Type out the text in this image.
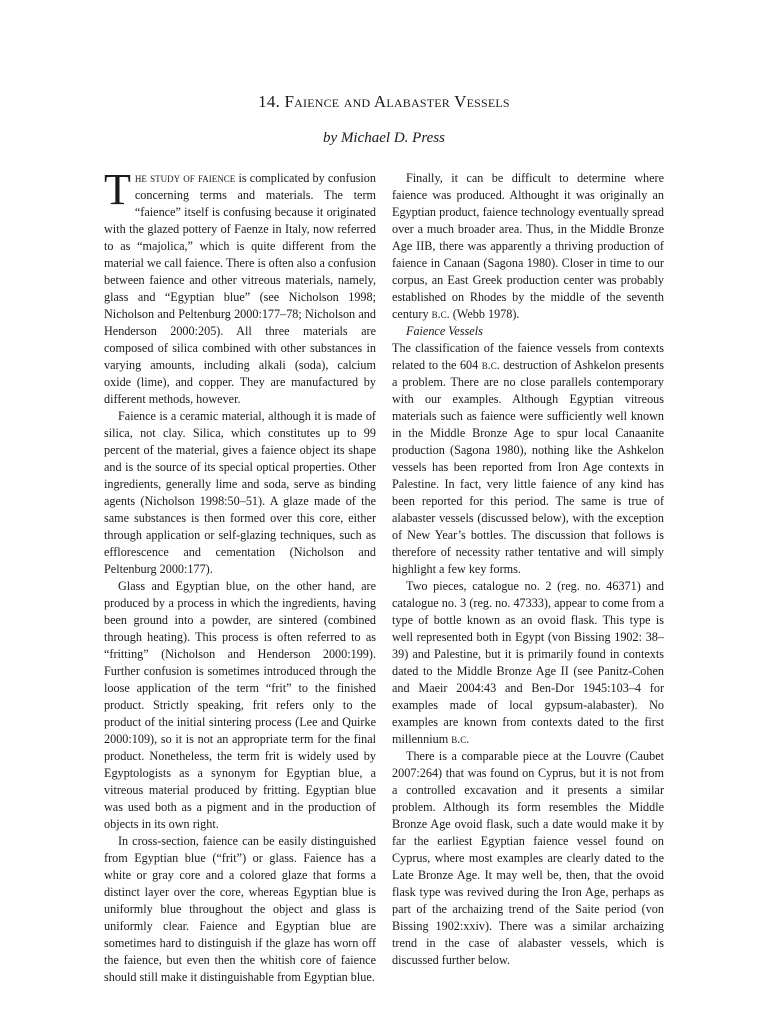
14. Faience and Alabaster Vessels
by Michael D. Press

The study of faience is complicated by confusion concerning terms and materials. The term “faience” itself is confusing because it originated with the glazed pottery of Faenze in Italy, now referred to as “majolica,” which is quite different from the material we call faience. There is often also a confusion between faience and other vitreous materials, namely, glass and “Egyptian blue” (see Nicholson 1998; Nicholson and Peltenburg 2000:177–78; Nicholson and Henderson 2000:205). All three materials are composed of silica combined with other substances in varying amounts, including alkali (soda), calcium oxide (lime), and copper. They are manufactured by different methods, however.

Faience is a ceramic material, although it is made of silica, not clay. Silica, which constitutes up to 99 percent of the material, gives a faience object its shape and is the source of its special optical properties. Other ingredients, generally lime and soda, serve as binding agents (Nicholson 1998:50–51). A glaze made of the same substances is then formed over this core, either through application or self-glazing techniques, such as efflorescence and cementation (Nicholson and Peltenburg 2000:177).

Glass and Egyptian blue, on the other hand, are produced by a process in which the ingredients, having been ground into a powder, are sintered (combined through heating). This process is often referred to as “fritting” (Nicholson and Henderson 2000:199). Further confusion is sometimes introduced through the loose application of the term “frit” to the finished product. Strictly speaking, frit refers only to the product of the initial sintering process (Lee and Quirke 2000:109), so it is not an appropriate term for the final product. Nonetheless, the term frit is widely used by Egyptologists as a synonym for Egyptian blue, a vitreous material produced by fritting. Egyptian blue was used both as a pigment and in the production of objects in its own right.

In cross-section, faience can be easily distinguished from Egyptian blue (“frit”) or glass. Faience has a white or gray core and a colored glaze that forms a distinct layer over the core, whereas Egyptian blue is uniformly blue throughout the object and glass is uniformly clear. Faience and Egyptian blue are sometimes hard to distinguish if the glaze has worn off the faience, but even then the whitish core of faience should still make it distinguishable from Egyptian blue.

Finally, it can be difficult to determine where faience was produced. Althought it was originally an Egyptian product, faience technology eventually spread over a much broader area. Thus, in the Middle Bronze Age IIB, there was apparently a thriving production of faience in Canaan (Sagona 1980). Closer in time to our corpus, an East Greek production center was probably established on Rhodes by the middle of the seventh century b.c. (Webb 1978).

Faience Vessels

The classification of the faience vessels from contexts related to the 604 b.c. destruction of Ashkelon presents a problem. There are no close parallels contemporary with our examples. Although Egyptian vitreous materials such as faience were sufficiently well known in the Middle Bronze Age to spur local Canaanite production (Sagona 1980), nothing like the Ashkelon vessels has been reported from Iron Age contexts in Palestine. In fact, very little faience of any kind has been reported for this period. The same is true of alabaster vessels (discussed below), with the exception of New Year’s bottles. The discussion that follows is therefore of necessity rather tentative and will simply highlight a few key forms.

Two pieces, catalogue no. 2 (reg. no. 46371) and catalogue no. 3 (reg. no. 47333), appear to come from a type of bottle known as an ovoid flask. This type is well represented both in Egypt (von Bissing 1902: 38–39) and Palestine, but it is primarily found in contexts dated to the Middle Bronze Age II (see Panitz-Cohen and Maeir 2004:43 and Ben-Dor 1945:103–4 for examples made of local gypsum-alabaster). No examples are known from contexts dated to the first millennium b.c.

There is a comparable piece at the Louvre (Caubet 2007:264) that was found on Cyprus, but it is not from a controlled excavation and it presents a similar problem. Although its form resembles the Middle Bronze Age ovoid flask, such a date would make it by far the earliest Egyptian faience vessel found on Cyprus, where most examples are clearly dated to the Late Bronze Age. It may well be, then, that the ovoid flask type was revived during the Iron Age, perhaps as part of the archaizing trend of the Saite period (von Bissing 1902:xxiv). There was a similar archaizing trend in the case of alabaster vessels, which is discussed further below.
